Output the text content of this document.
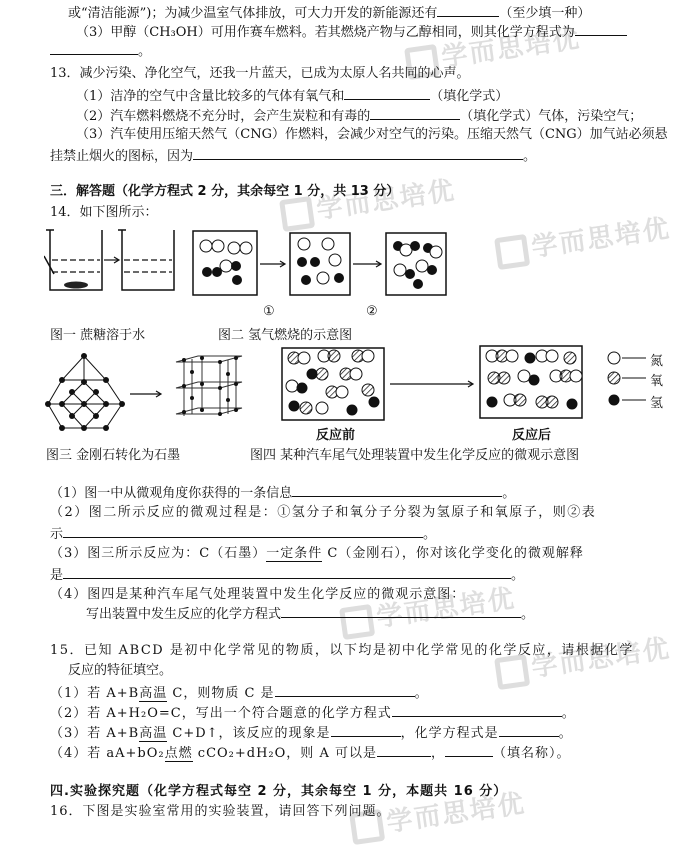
学而思培优
学而思培优
学而思培优
学而思培优
学而思培优
学而思培优
或“清洁能源”)；为减少温室气体排放，可大力开发的新能源还有	（至少填一种）
（3）甲醇（CH₃OH）可用作赛车燃料。若其燃烧产物与乙醇相同，则其化学方程式为
。
13．减少污染、净化空气，还我一片蓝天，已成为太原人名共同的心声。
（1）洁净的空气中含量比较多的气体有氧气和	（填化学式）
（2）汽车燃料燃烧不充分时，会产生炭粒和有毒的	（填化学式）气体，污染空气；
（3）汽车使用压缩天然气（CNG）作燃料，会减少对空气的污染。压缩天然气（CNG）加气站必须悬
挂禁止烟火的图标，因为	。
三．解答题（化学方程式 2 分，其余每空 1 分，共 13 分）
14．如下图所示：
①	②
图一 蔗糖溶于水	图二 氢气燃烧的示意图
氮
氧
氢
反应前	反应后
图三 金刚石转化为石墨	图四 某种汽车尾气处理装置中发生化学反应的微观示意图
（1）图一中从微观角度你获得的一条信息	。
（2）图二所示反应的微观过程是：①氢分子和氧分子分裂为氢原子和氧原子，则②表
示	。
（3）图三所示反应为：C（石墨）一定条件 C（金刚石），你对该化学变化的微观解释
是	。
（4）图四是某种汽车尾气处理装置中发生化学反应的微观示意图：
写出装置中发生反应的化学方程式	。
15．已知 ABCD 是初中化学常见的物质，以下均是初中化学常见的化学反应，请根据化学
反应的特征填空。
（1）若 A+B高温 C，则物质 C 是	。
（2）若 A+H₂O=C，写出一个符合题意的化学方程式	。
（3）若 A+B高温 C+D↑，该反应的现象是	，化学方程式是	。
（4）若 aA+bO₂点燃 cCO₂+dH₂O，则 A 可以是	，	（填名称）。
四.实验探究题（化学方程式每空 2 分，其余每空 1 分，本题共 16 分）
16．下图是实验室常用的实验装置，请回答下列问题。
